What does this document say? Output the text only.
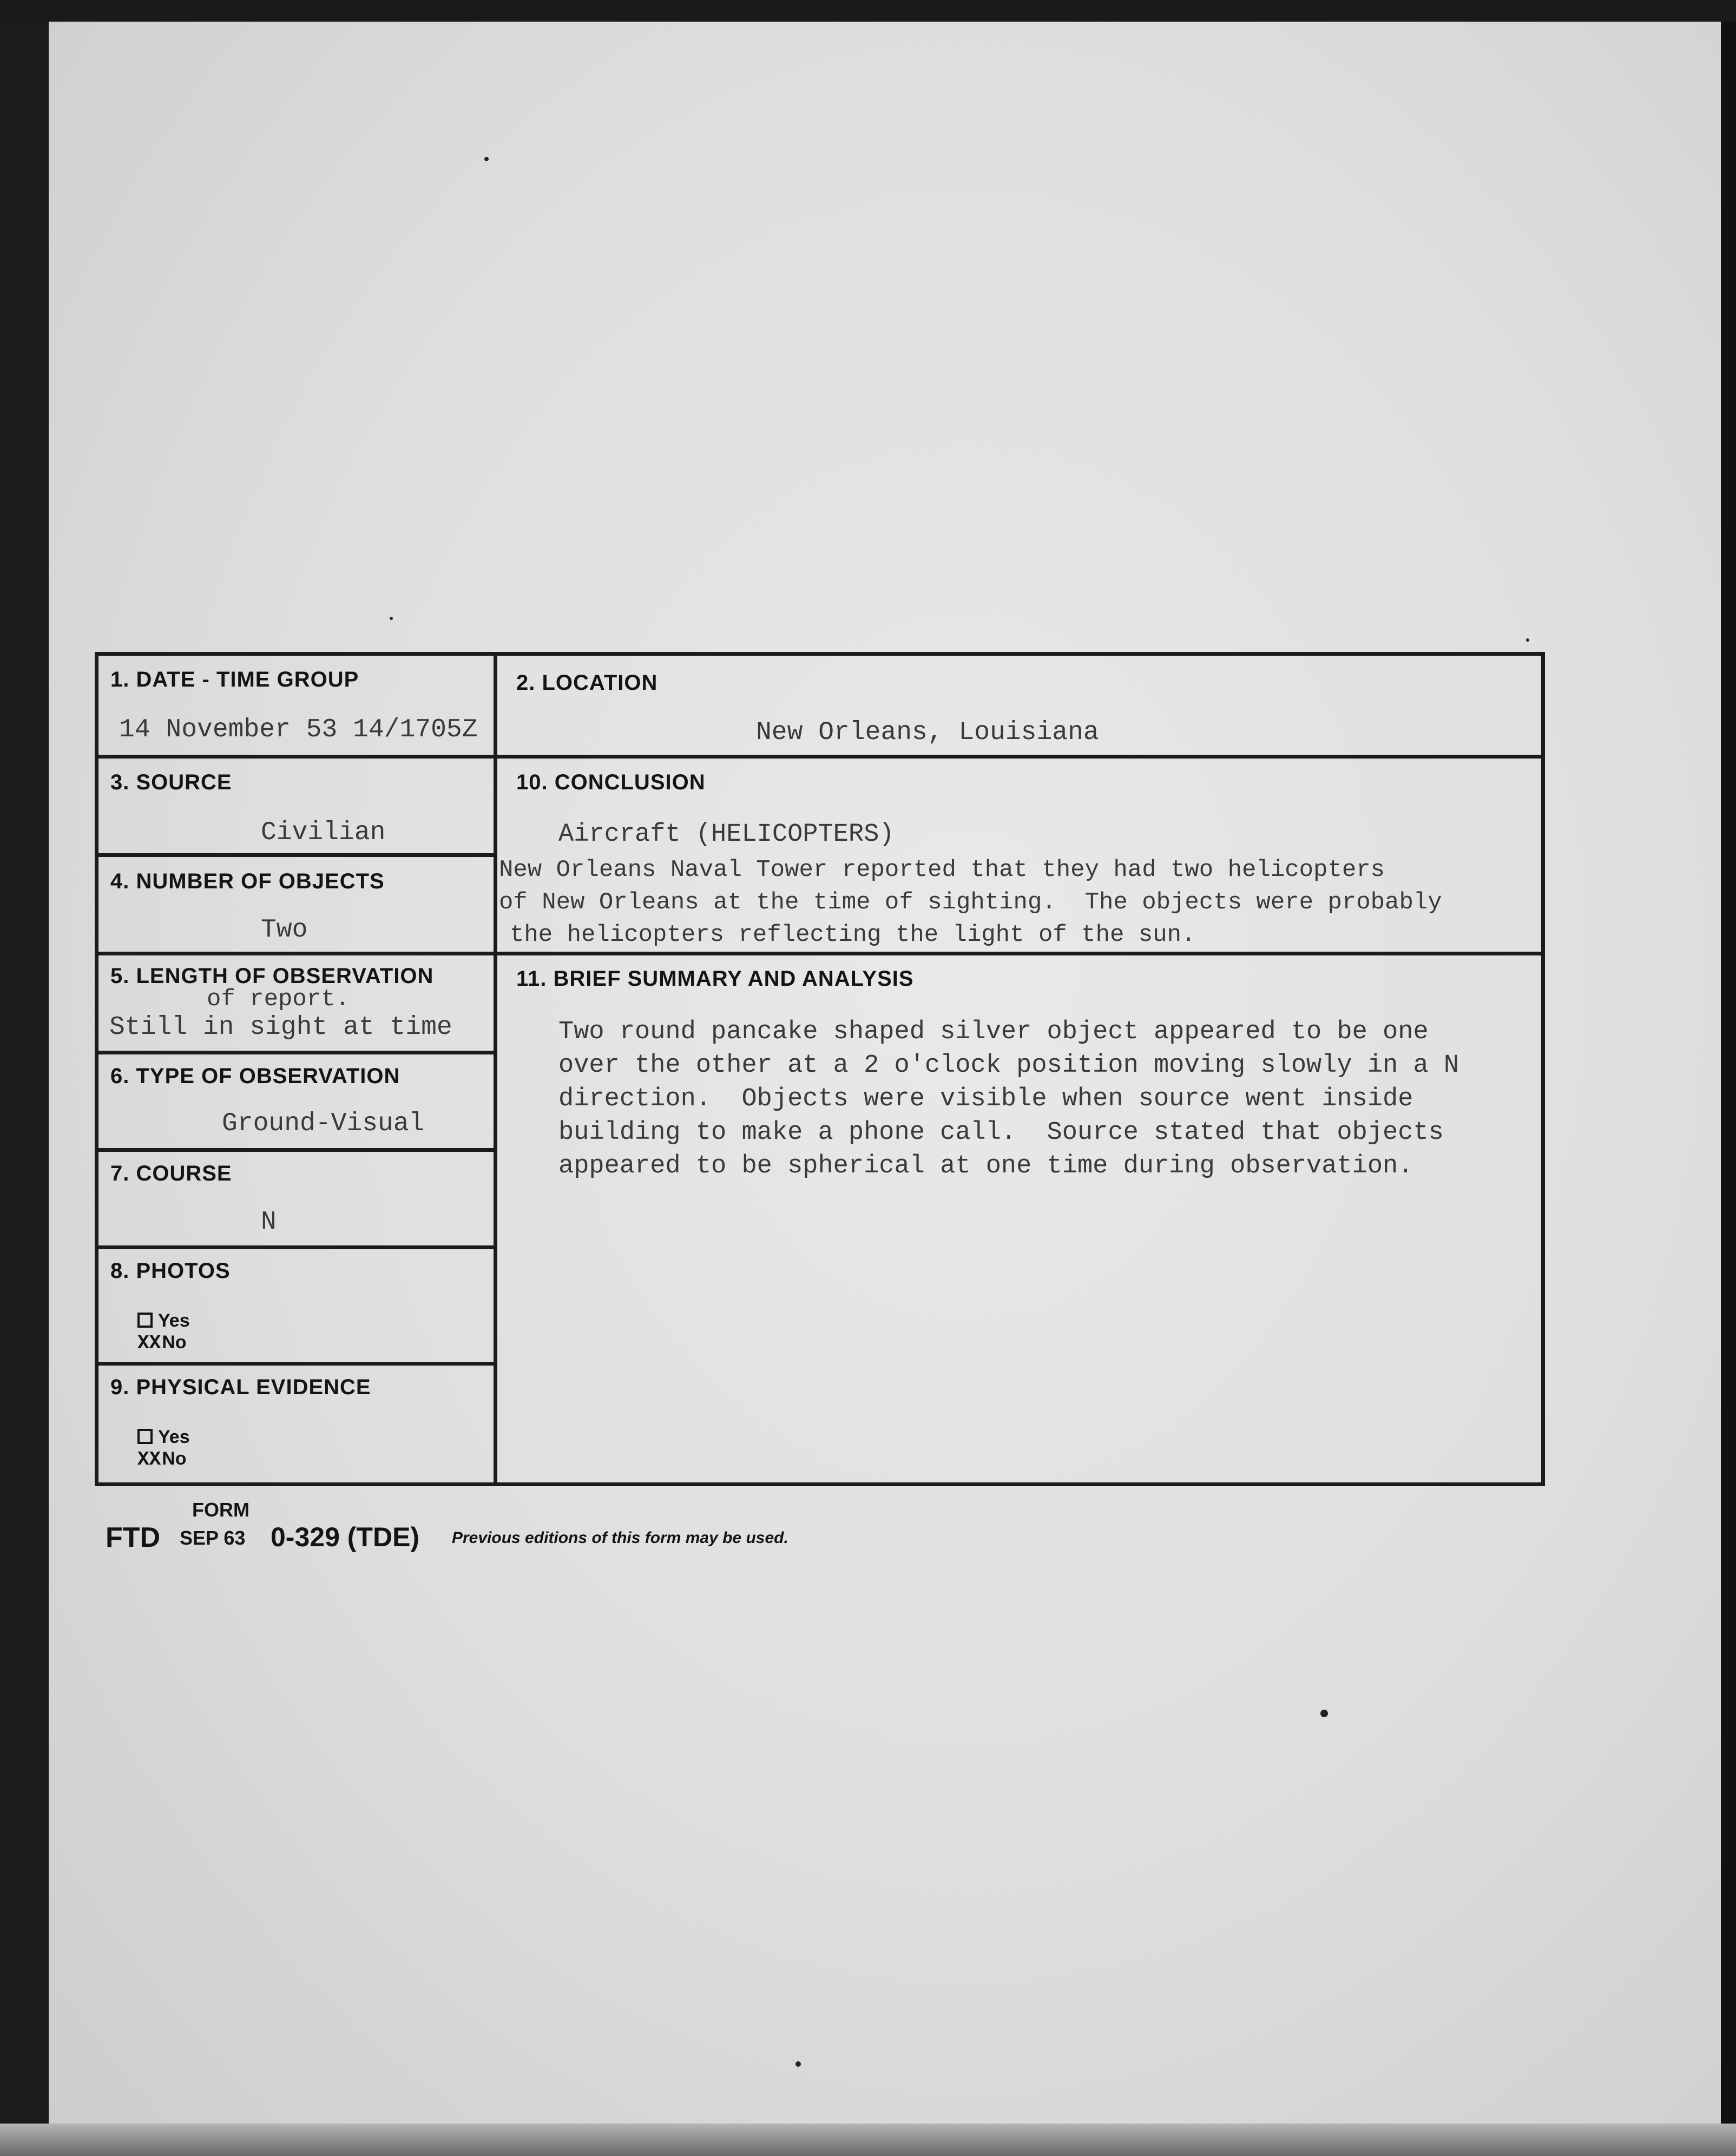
1. DATE - TIME GROUP
14 November 53 14/1705Z
2. LOCATION
New Orleans, Louisiana
3. SOURCE
Civilian
4. NUMBER OF OBJECTS
Two
5. LENGTH OF OBSERVATION
of report.
Still in sight at time
6. TYPE OF OBSERVATION
Ground-Visual
7. COURSE
N
8. PHOTOS
Yes
XXNo
9. PHYSICAL EVIDENCE
Yes
XXNo
10. CONCLUSION
Aircraft (HELICOPTERS)
New Orleans Naval Tower reported that they had two helicopters
of New Orleans at the time of sighting.  The objects were probably
the helicopters reflecting the light of the sun.
11. BRIEF SUMMARY AND ANALYSIS
Two round pancake shaped silver object appeared to be one
over the other at a 2 o'clock position moving slowly in a N
direction.  Objects were visible when source went inside
building to make a phone call.  Source stated that objects
appeared to be spherical at one time during observation.
FORM
FTD SEP 63 0-329 (TDE) Previous editions of this form may be used.
